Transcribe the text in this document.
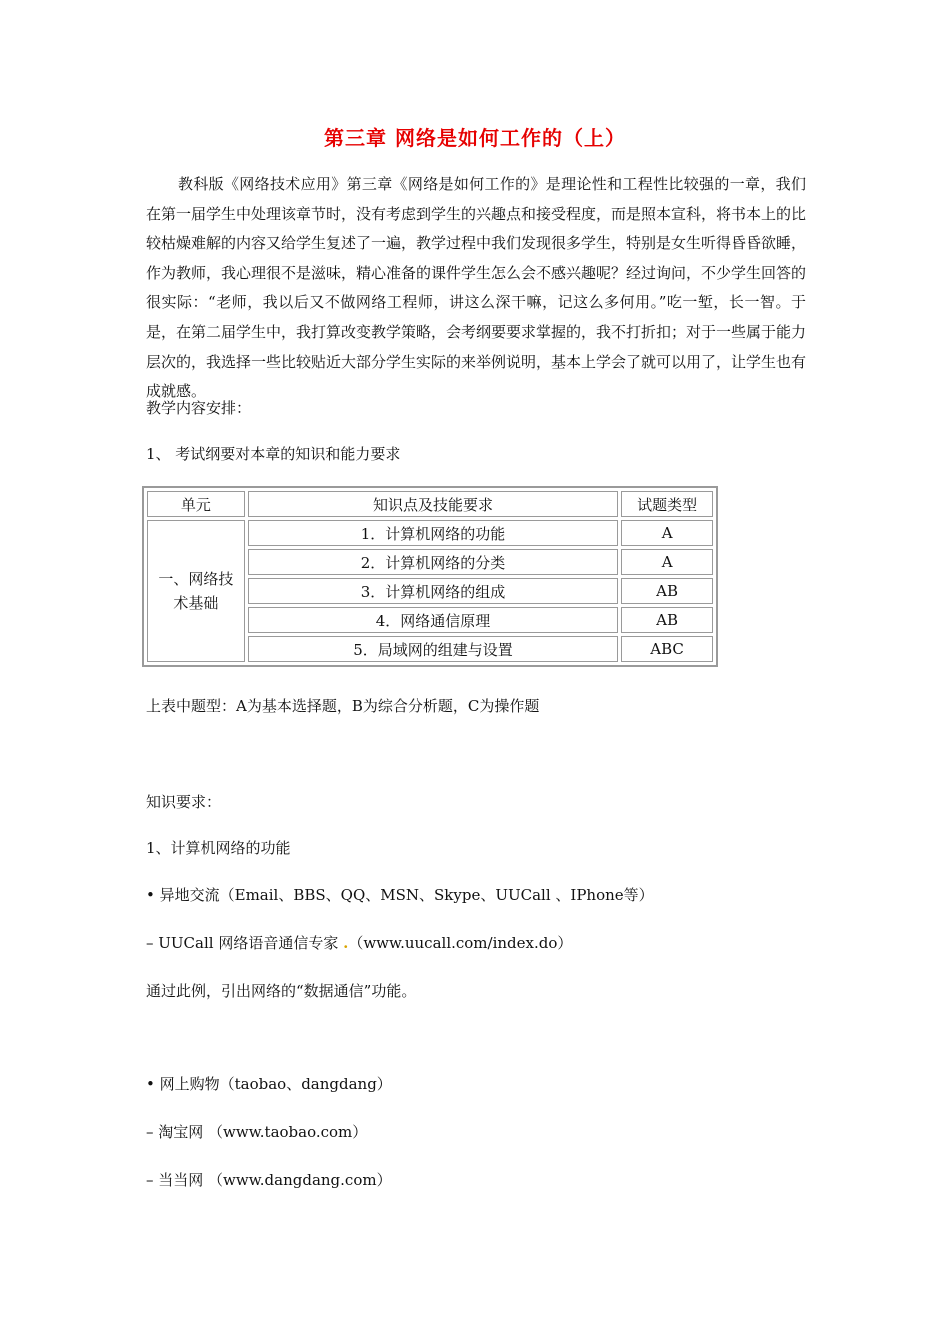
第三章 网络是如何工作的（上）
教科版《网络技术应用》第三章《网络是如何工作的》是理论性和工程性比较强的一章，我们在第一届学生中处理该章节时，没有考虑到学生的兴趣点和接受程度，而是照本宣科，将书本上的比较枯燥难解的内容又给学生复述了一遍，教学过程中我们发现很多学生，特别是女生听得昏昏欲睡，作为教师，我心理很不是滋味，精心准备的课件学生怎么会不感兴趣呢？经过询问，不少学生回答的很实际：“老师，我以后又不做网络工程师，讲这么深干嘛，记这么多何用。”吃一堑，长一智。于是，在第二届学生中，我打算改变教学策略，会考纲要要求掌握的，我不打折扣；对于一些属于能力层次的，我选择一些比较贴近大部分学生实际的来举例说明，基本上学会了就可以用了，让学生也有成就感。
教学内容安排：
1、 考试纲要对本章的知识和能力要求
单元	知识点及技能要求	试题类型
一、网络技术基础	1．计算机网络的功能	A
	2．计算机网络的分类	A
	3．计算机网络的组成	AB
	4．网络通信原理	AB
	5．局域网的组建与设置	ABC
上表中题型：A为基本选择题，B为综合分析题，C为操作题
知识要求：
1、计算机网络的功能
• 异地交流（Email、BBS、QQ、MSN、Skype、UUCall 、IPhone等）
– UUCall 网络语音通信专家 .（www.uucall.com/index.do）
通过此例，引出网络的“数据通信”功能。
• 网上购物（taobao、dangdang）
– 淘宝网 （www.taobao.com）
– 当当网 （www.dangdang.com）
